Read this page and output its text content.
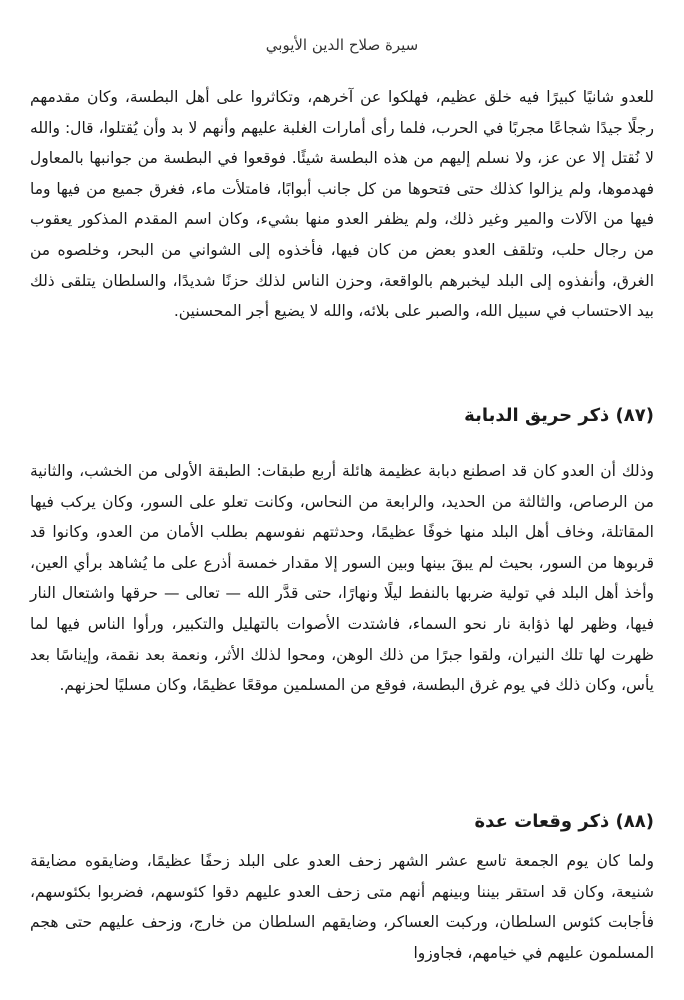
سيرة صلاح الدين الأيوبي

للعدو شانيًا كبيرًا فيه خلق عظيم، فهلكوا عن آخرهم، وتكاثروا على أهل البطسة، وكان مقدمهم رجلًا جيدًا شجاعًا مجربًا في الحرب، فلما رأى أمارات الغلبة عليهم وأنهم لا بد وأن يُقتلوا، قال: والله لا نُقتل إلا عن عز، ولا نسلم إليهم من هذه البطسة شيئًا. فوقعوا في البطسة من جوانبها بالمعاول فهدموها، ولم يزالوا كذلك حتى فتحوها من كل جانب أبوابًا، فامتلأت ماء، فغرق جميع من فيها وما فيها من الآلات والمير وغير ذلك، ولم يظفر العدو منها بشيء، وكان اسم المقدم المذكور يعقوب من رجال حلب، وتلقف العدو بعض من كان فيها، فأخذوه إلى الشواني من البحر، وخلصوه من الغرق، وأنفذوه إلى البلد ليخبرهم بالواقعة، وحزن الناس لذلك حزنًا شديدًا، والسلطان يتلقى ذلك بيد الاحتساب في سبيل الله، والصبر على بلائه، والله لا يضيع أجر المحسنين.

(٨٧) ذكر حريق الدبابة

وذلك أن العدو كان قد اصطنع دبابة عظيمة هائلة أربع طبقات: الطبقة الأولى من الخشب، والثانية من الرصاص، والثالثة من الحديد، والرابعة من النحاس، وكانت تعلو على السور، وكان يركب فيها المقاتلة، وخاف أهل البلد منها خوفًا عظيمًا، وحدثتهم نفوسهم بطلب الأمان من العدو، وكانوا قد قربوها من السور، بحيث لم يبقَ بينها وبين السور إلا مقدار خمسة أذرع على ما يُشاهد برأي العين، وأخذ أهل البلد في تولية ضربها بالنفط ليلًا ونهارًا، حتى قدَّر الله — تعالى — حرقها واشتعال النار فيها، وظهر لها ذؤابة نار نحو السماء، فاشتدت الأصوات بالتهليل والتكبير، ورأوا الناس فيها لما ظهرت لها تلك النيران، ولقوا جبرًا من ذلك الوهن، ومحوا لذلك الأثر، ونعمة بعد نقمة، وإيناسًا بعد يأس، وكان ذلك في يوم غرق البطسة، فوقع من المسلمين موقعًا عظيمًا، وكان مسليًا لحزنهم.

(٨٨) ذكر وقعات عدة

ولما كان يوم الجمعة تاسع عشر الشهر زحف العدو على البلد زحفًا عظيمًا، وضايقوه مضايقة شنيعة، وكان قد استقر بيننا وبينهم أنهم متى زحف العدو عليهم دقوا كئوسهم، فضربوا بكئوسهم، فأجابت كئوس السلطان، وركبت العساكر، وضايقهم السلطان من خارج، وزحف عليهم حتى هجم المسلمون عليهم في خيامهم، فجاوزوا
